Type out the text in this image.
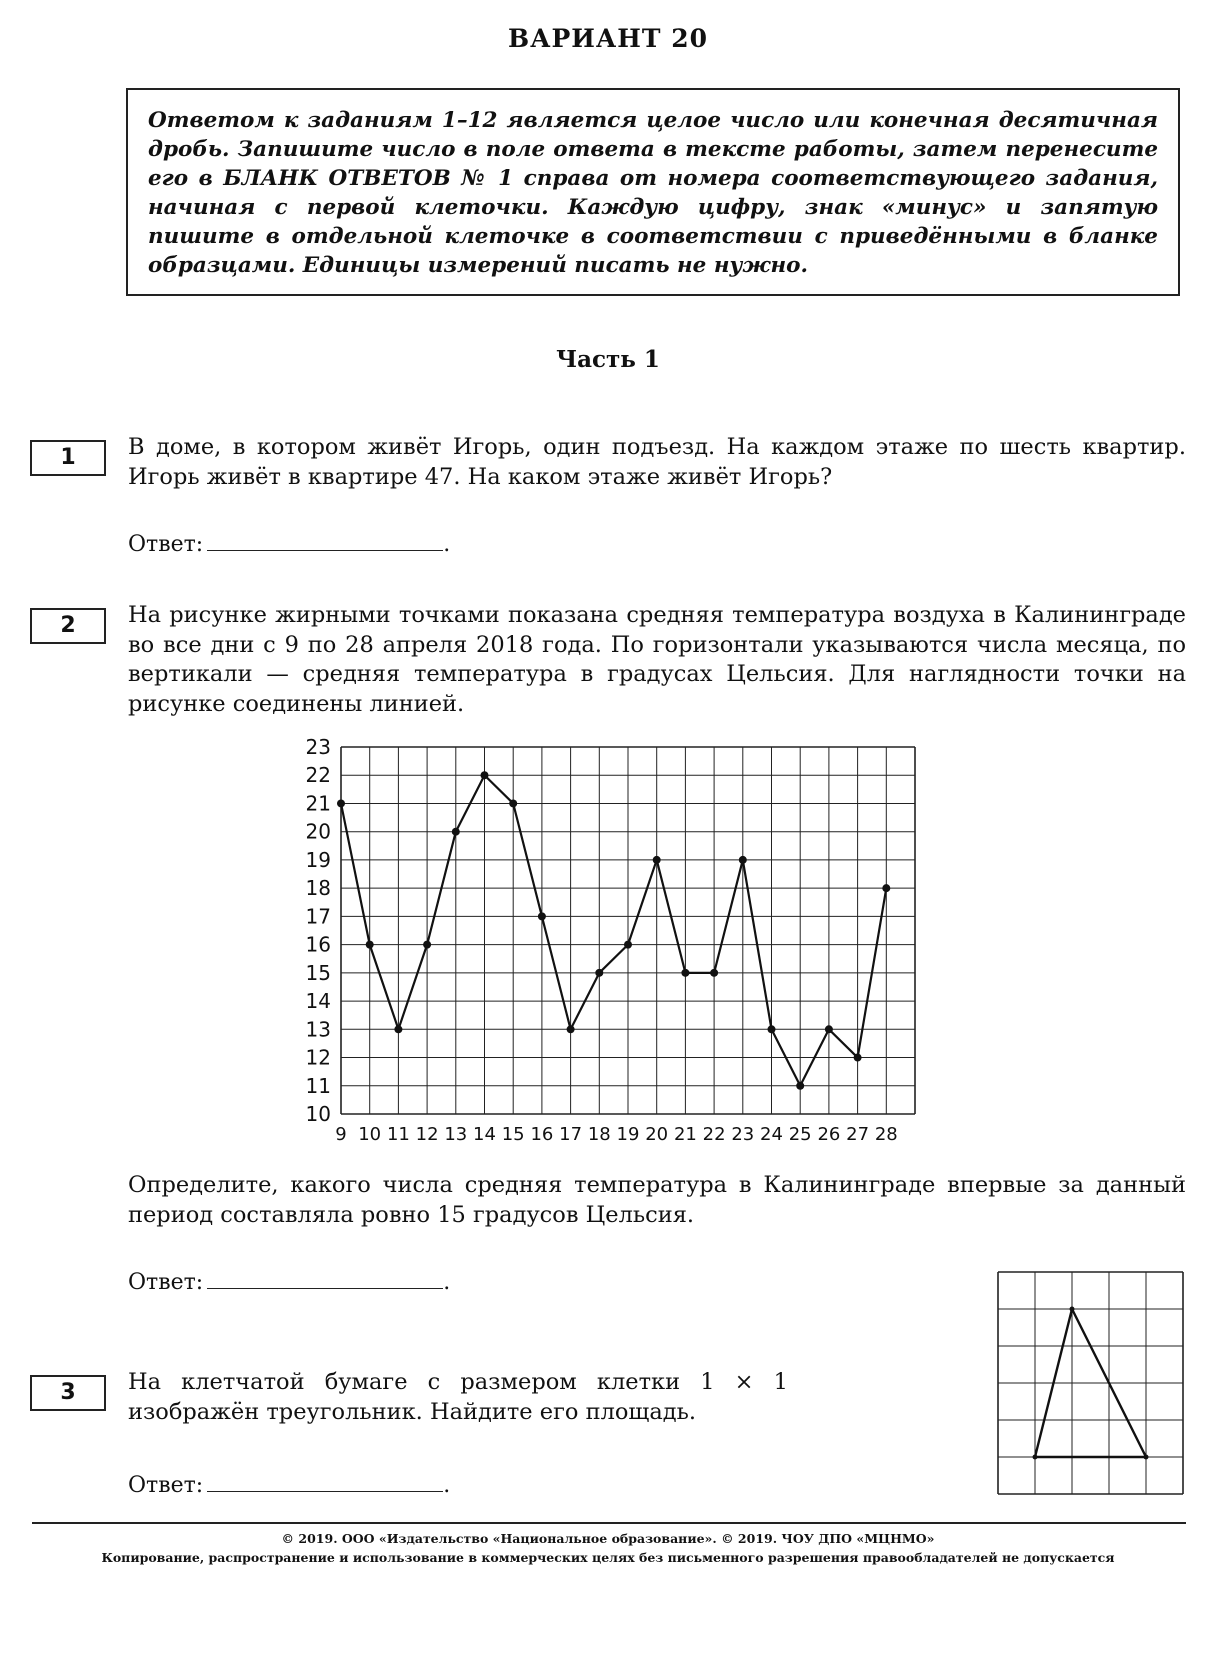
ВАРИАНТ 20
Ответом к заданиям 1–12 является целое число или конечная десятичная дробь. Запишите число в поле ответа в тексте работы, затем перенесите его в БЛАНК ОТВЕТОВ № 1 справа от номера соответствующего задания, начиная с первой клеточки. Каждую цифру, знак «минус» и запятую пишите в отдельной клеточке в соответствии с приведёнными в бланке образцами. Единицы измерений писать не нужно.
Часть 1
1	В доме, в котором живёт Игорь, один подъезд. На каждом этаже по шесть квартир. Игорь живёт в квартире 47. На каком этаже живёт Игорь?
Ответ:	.
2	На рисунке жирными точками показана средняя температура воздуха в Калининграде во все дни с 9 по 28 апреля 2018 года. По горизонтали указываются числа месяца, по вертикали — средняя температура в градусах Цельсия. Для наглядности точки на рисунке соединены линией.
10
11
12
13
14
15
16
17
18
19
20
21
22
23
9 10 11 12 13 14 15 16 17 18 19 20 21 22 23 24 25 26 27 28
Определите, какого числа средняя температура в Калининграде впервые за данный период составляла ровно 15 градусов Цельсия.
Ответ:	.
3	На клетчатой бумаге с размером клетки 1 × 1 изображён треугольник. Найдите его площадь.
Ответ:	.
© 2019. ООО «Издательство «Национальное образование». © 2019. ЧОУ ДПО «МЦНМО»
Копирование, распространение и использование в коммерческих целях без письменного разрешения правообладателей не допускается
